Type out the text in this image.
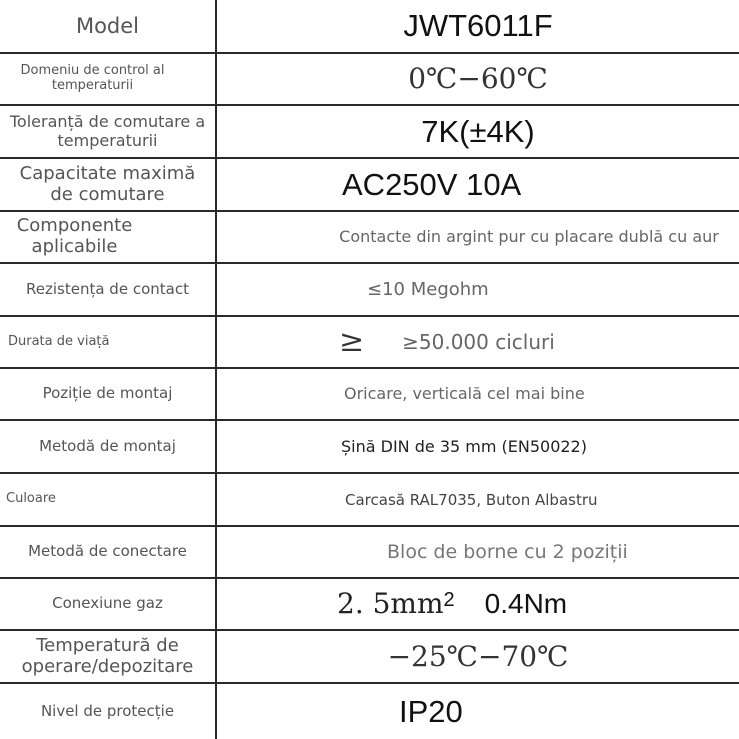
Model	JWT6011F
Domeniu de control al temperaturii	0℃−60℃
Toleranță de comutare a temperaturii	7K(±4K)
Capacitate maximă de comutare	AC250V 10A
Componente aplicabile	Contacte din argint pur cu placare dublă cu aur
Rezistența de contact	≤10 Megohm
Durata de viață	≥ ≥50.000 cicluri
Poziție de montaj	Oricare, verticală cel mai bine
Metodă de montaj	Șină DIN de 35 mm (EN50022)
Culoare	Carcasă RAL7035, Buton Albastru
Metodă de conectare	Bloc de borne cu 2 poziții
Conexiune gaz	2. $5mm^2$ 0.4Nm
Temperatură de operare/depozitare	−25℃−70℃
Nivel de protecție	IP20
